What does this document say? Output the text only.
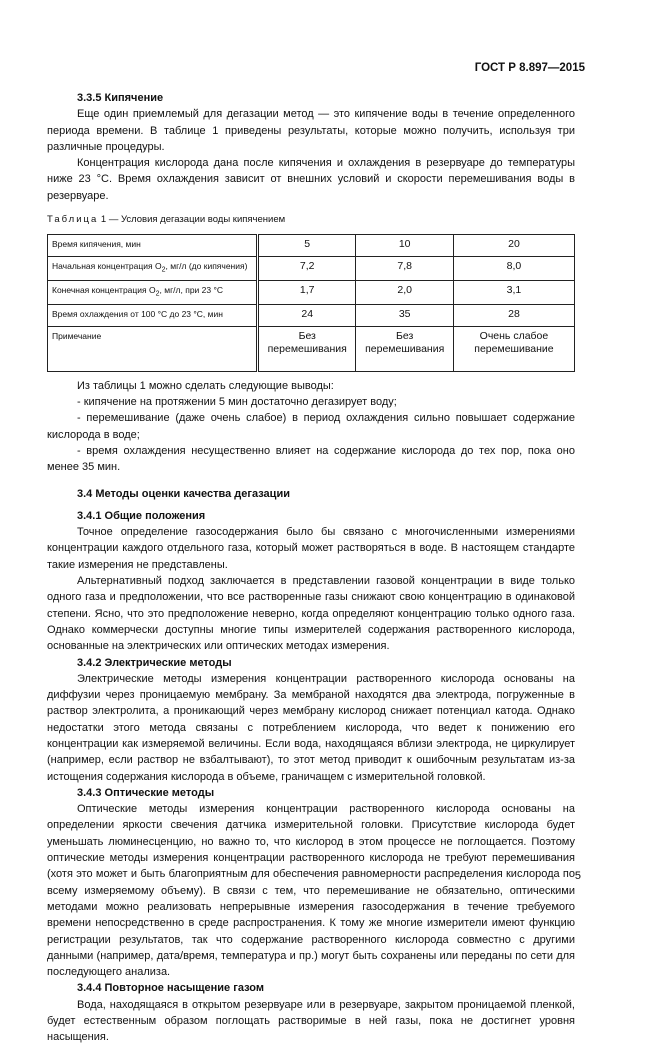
ГОСТ Р 8.897—2015
3.3.5 Кипячение

Еще один приемлемый для дегазации метод — это кипячение воды в течение определенного периода времени. В таблице 1 приведены результаты, которые можно получить, используя три различные процедуры.

Концентрация кислорода дана после кипячения и охлаждения в резервуаре до температуры ниже 23 °С. Время охлаждения зависит от внешних условий и скорости перемешивания воды в резервуаре.

Таблица 1 — Условия дегазации воды кипячением
Время кипячения, мин	5	10	20
Начальная концентрация $O_2$, мг/л (до кипячения)	7,2	7,8	8,0
Конечная концентрация $O_2$, мг/л, при 23 °С	1,7	2,0	3,1
Время охлаждения от 100 °С до 23 °С, мин	24	35	28
Примечание	Без перемешивания	Без перемешивания	Очень слабое перемешивание

Из таблицы 1 можно сделать следующие выводы:

- кипячение на протяжении 5 мин достаточно дегазирует воду;

- перемешивание (даже очень слабое) в период охлаждения сильно повышает содержание кислорода в воде;

- время охлаждения несущественно влияет на содержание кислорода до тех пор, пока оно менее 35 мин.

3.4 Методы оценки качества дегазации
3.4.1 Общие положения

Точное определение газосодержания было бы связано с многочисленными измерениями концентрации каждого отдельного газа, который может растворяться в воде. В настоящем стандарте такие измерения не представлены.

Альтернативный подход заключается в представлении газовой концентрации в виде только одного газа и предположении, что все растворенные газы снижают свою концентрацию в одинаковой степени. Ясно, что это предположение неверно, когда определяют концентрацию только одного газа. Однако коммерчески доступны многие типы измерителей содержания растворенного кислорода, основанные на электрических или оптических методах измерения.

3.4.2 Электрические методы

Электрические методы измерения концентрации растворенного кислорода основаны на диффузии через проницаемую мембрану. За мембраной находятся два электрода, погруженные в раствор электролита, а проникающий через мембрану кислород снижает потенциал катода. Однако недостатки этого метода связаны с потреблением кислорода, что ведет к понижению его концентрации как измеряемой величины. Если вода, находящаяся вблизи электрода, не циркулирует (например, если раствор не взбалтывают), то этот метод приводит к ошибочным результатам из-за истощения содержания кислорода в объеме, граничащем с измерительной головкой.

3.4.3 Оптические методы

Оптические методы измерения концентрации растворенного кислорода основаны на определении яркости свечения датчика измерительной головки. Присутствие кислорода будет уменьшать люминесценцию, но важно то, что кислород в этом процессе не поглощается. Поэтому оптические методы измерения концентрации растворенного кислорода не требуют перемешивания (хотя это может и быть благоприятным для обеспечения равномерности распределения кислорода по всему измеряемому объему). В связи с тем, что перемешивание не обязательно, оптическими методами можно реализовать непрерывные измерения газосодержания в течение требуемого времени непосредственно в среде распространения. К тому же многие измерители имеют функцию регистрации результатов, так что содержание растворенного кислорода совместно с другими данными (например, дата/время, температура и пр.) могут быть сохранены или переданы по сети для последующего анализа.

3.4.4 Повторное насыщение газом

Вода, находящаяся в открытом резервуаре или в резервуаре, закрытом проницаемой пленкой, будет естественным образом поглощать растворимые в ней газы, пока не достигнет уровня насыщения.

5
